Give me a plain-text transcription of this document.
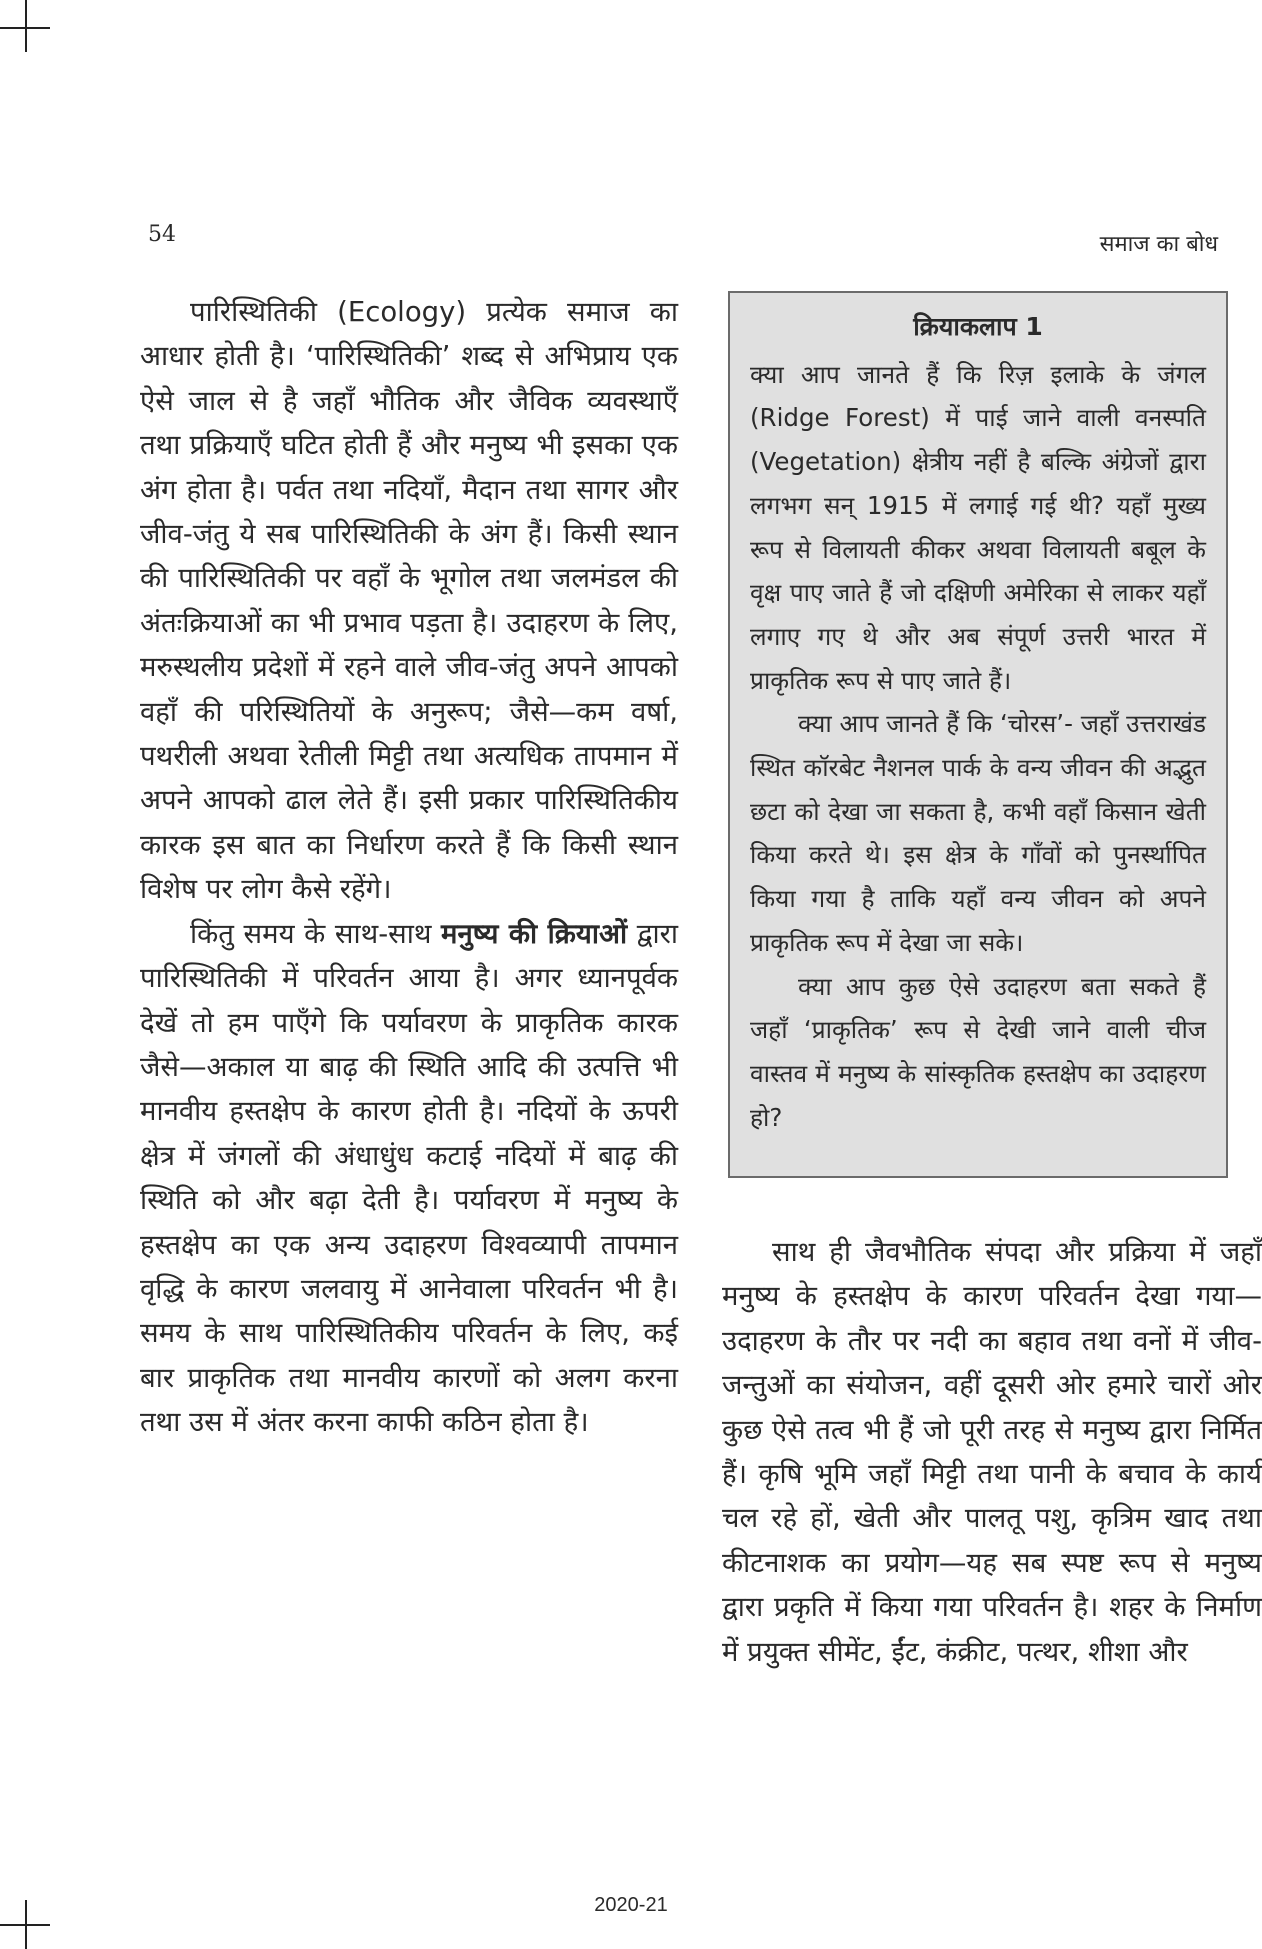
54	समाज का बोध

पारिस्थितिकी (Ecology) प्रत्येक समाज का आधार होती है। ‘पारिस्थितिकी’ शब्द से अभिप्राय एक ऐसे जाल से है जहाँ भौतिक और जैविक व्यवस्थाएँ तथा प्रक्रियाएँ घटित होती हैं और मनुष्य भी इसका एक अंग होता है। पर्वत तथा नदियाँ, मैदान तथा सागर और जीव-जंतु ये सब पारिस्थितिकी के अंग हैं। किसी स्थान की पारिस्थितिकी पर वहाँ के भूगोल तथा जलमंडल की अंतःक्रियाओं का भी प्रभाव पड़ता है। उदाहरण के लिए, मरुस्थलीय प्रदेशों में रहने वाले जीव-जंतु अपने आपको वहाँ की परिस्थितियों के अनुरूप; जैसे—कम वर्षा, पथरीली अथवा रेतीली मिट्टी तथा अत्यधिक तापमान में अपने आपको ढाल लेते हैं। इसी प्रकार पारिस्थितिकीय कारक इस बात का निर्धारण करते हैं कि किसी स्थान विशेष पर लोग कैसे रहेंगे।

किंतु समय के साथ-साथ मनुष्य की क्रियाओं द्वारा पारिस्थितिकी में परिवर्तन आया है। अगर ध्यानपूर्वक देखें तो हम पाएँगे कि पर्यावरण के प्राकृतिक कारक जैसे—अकाल या बाढ़ की स्थिति आदि की उत्पत्ति भी मानवीय हस्तक्षेप के कारण होती है। नदियों के ऊपरी क्षेत्र में जंगलों की अंधाधुंध कटाई नदियों में बाढ़ की स्थिति को और बढ़ा देती है। पर्यावरण में मनुष्य के हस्तक्षेप का एक अन्य उदाहरण विश्वव्यापी तापमान वृद्धि के कारण जलवायु में आनेवाला परिवर्तन भी है। समय के साथ पारिस्थितिकीय परिवर्तन के लिए, कई बार प्राकृतिक तथा मानवीय कारणों को अलग करना तथा उस में अंतर करना काफी कठिन होता है।

क्रियाकलाप 1

क्या आप जानते हैं कि रिज़ इलाके के जंगल (Ridge Forest) में पाई जाने वाली वनस्पति (Vegetation) क्षेत्रीय नहीं है बल्कि अंग्रेजों द्वारा लगभग सन् 1915 में लगाई गई थी? यहाँ मुख्य रूप से विलायती कीकर अथवा विलायती बबूल के वृक्ष पाए जाते हैं जो दक्षिणी अमेरिका से लाकर यहाँ लगाए गए थे और अब संपूर्ण उत्तरी भारत में प्राकृतिक रूप से पाए जाते हैं।

क्या आप जानते हैं कि ‘चोरस’- जहाँ उत्तराखंड स्थित कॉरबेट नैशनल पार्क के वन्य जीवन की अद्भुत छटा को देखा जा सकता है, कभी वहाँ किसान खेती किया करते थे। इस क्षेत्र के गाँवों को पुनर्स्थापित किया गया है ताकि यहाँ वन्य जीवन को अपने प्राकृतिक रूप में देखा जा सके।

क्या आप कुछ ऐसे उदाहरण बता सकते हैं जहाँ ‘प्राकृतिक’ रूप से देखी जाने वाली चीज वास्तव में मनुष्य के सांस्कृतिक हस्तक्षेप का उदाहरण हो?

साथ ही जैवभौतिक संपदा और प्रक्रिया में जहाँ मनुष्य के हस्तक्षेप के कारण परिवर्तन देखा गया—उदाहरण के तौर पर नदी का बहाव तथा वनों में जीव-जन्तुओं का संयोजन, वहीं दूसरी ओर हमारे चारों ओर कुछ ऐसे तत्व भी हैं जो पूरी तरह से मनुष्य द्वारा निर्मित हैं। कृषि भूमि जहाँ मिट्टी तथा पानी के बचाव के कार्य चल रहे हों, खेती और पालतू पशु, कृत्रिम खाद तथा कीटनाशक का प्रयोग—यह सब स्पष्ट रूप से मनुष्य द्वारा प्रकृति में किया गया परिवर्तन है। शहर के निर्माण में प्रयुक्त सीमेंट, ईंट, कंक्रीट, पत्थर, शीशा और

2020-21
